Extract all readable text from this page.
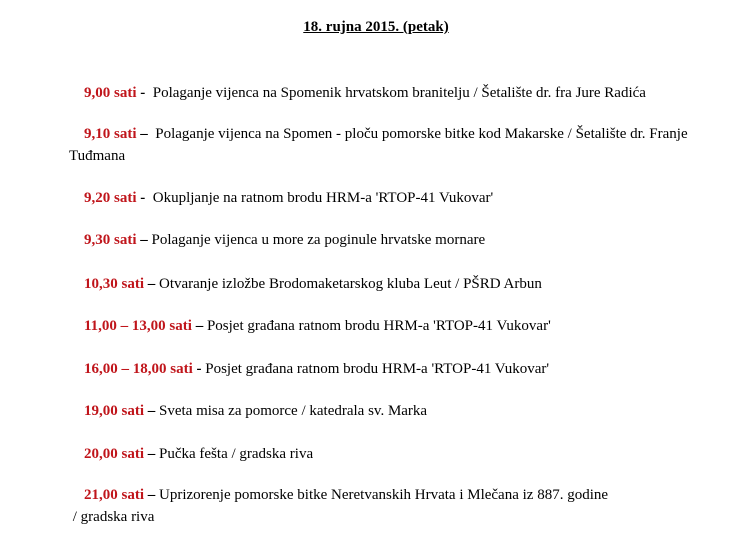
18. rujna 2015. (petak)

9,00 sati -  Polaganje vijenca na Spomenik hrvatskom branitelju / Šetalište dr. fra Jure Radića

9,10 sati –  Polaganje vijenca na Spomen - ploču pomorske bitke kod Makarske / Šetalište dr. Franje Tuđmana

9,20 sati -  Okupljanje na ratnom brodu HRM-a 'RTOP-41 Vukovar'

9,30 sati – Polaganje vijenca u more za poginule hrvatske mornare

10,30 sati – Otvaranje izložbe Brodomaketarskog kluba Leut / PŠRD Arbun

11,00 – 13,00 sati – Posjet građana ratnom brodu HRM-a 'RTOP-41 Vukovar'

16,00 – 18,00 sati - Posjet građana ratnom brodu HRM-a 'RTOP-41 Vukovar'

19,00 sati – Sveta misa za pomorce / katedrala sv. Marka

20,00 sati – Pučka fešta / gradska riva

21,00 sati – Uprizorenje pomorske bitke Neretvanskih Hrvata i Mlečana iz 887. godine
/ gradska riva
